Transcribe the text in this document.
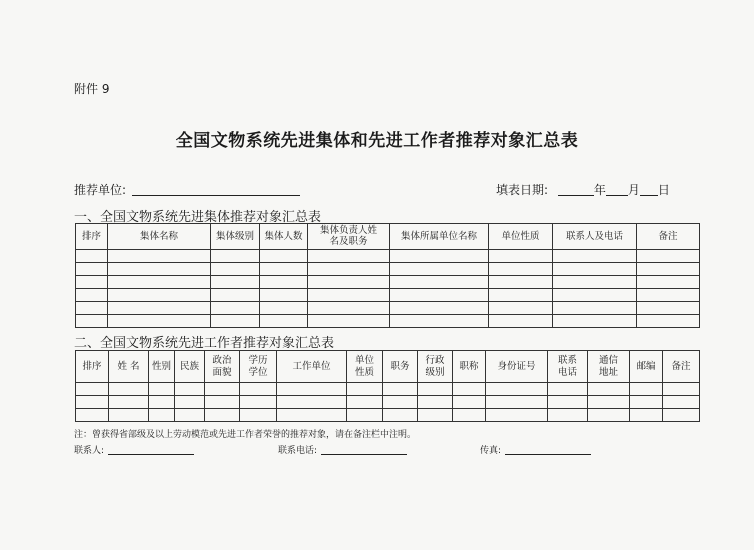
附件 9
全国文物系统先进集体和先进工作者推荐对象汇总表
推荐单位:	填表日期:	年 月 日
一、全国文物系统先进集体推荐对象汇总表
排序	集体名称	集体级别	集体人数	集体负责人姓名及职务	集体所属单位名称	单位性质	联系人及电话	备注

二、全国文物系统先进工作者推荐对象汇总表
排序	姓 名	性别	民族	政治面貌	学历学位	工作单位	单位性质	职务	行政级别	职称	身份证号	联系电话	通信地址	邮编	备注

注：曾获得省部级及以上劳动模范或先进工作者荣誉的推荐对象，请在备注栏中注明。
联系人:	联系电话:	传真:
